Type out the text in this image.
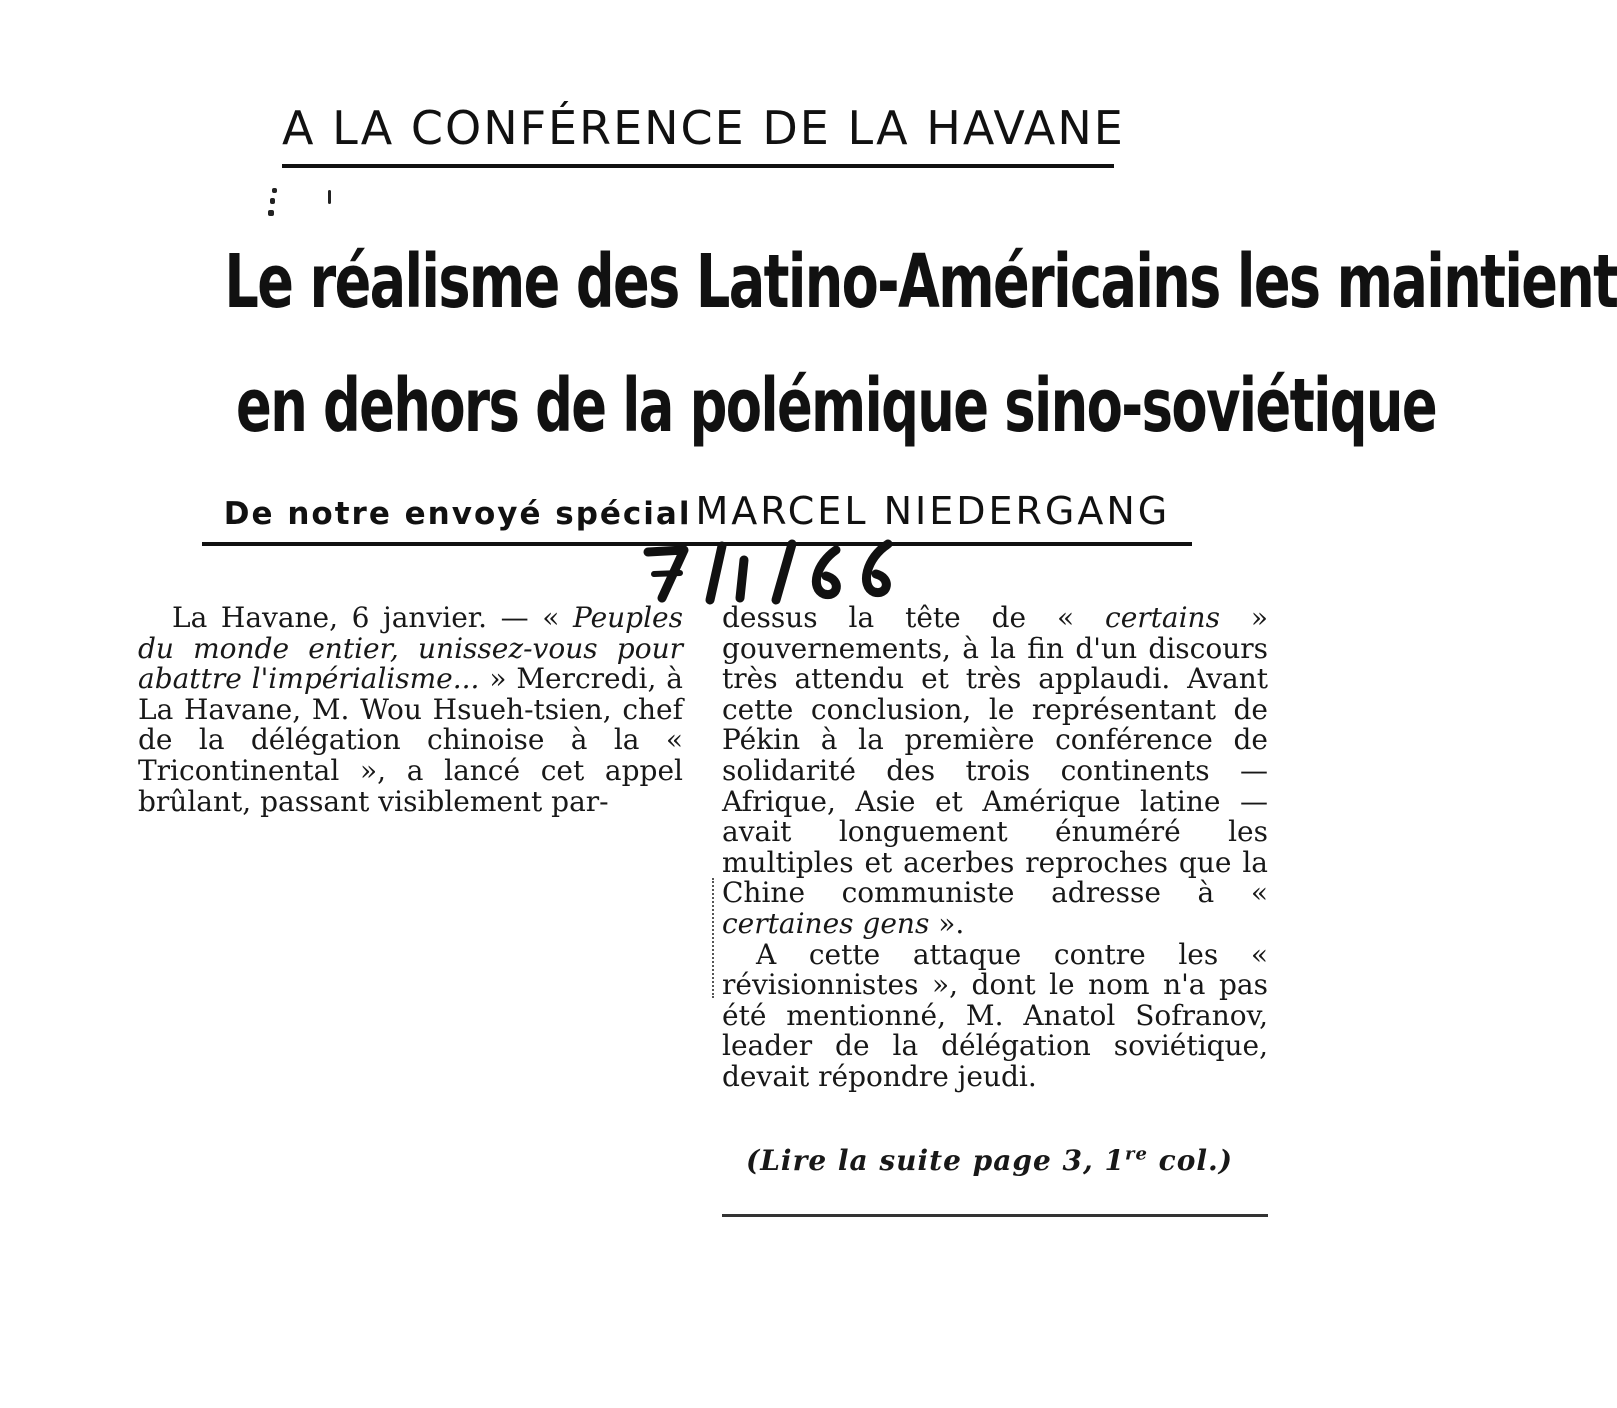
A LA CONFÉRENCE DE LA HAVANE
Le réalisme des Latino-Américains les maintient
en dehors de la polémique sino-soviétique
De notre envoyé spécial MARCEL NIEDERGANG

La Havane, 6 janvier. — « Peuples du monde entier, unissez-vous pour abattre l'impérialisme... » Mercredi, à La Havane, M. Wou Hsueh-tsien, chef de la délégation chinoise à la « Tricontinental », a lancé cet appel brûlant, passant visiblement par-

dessus la tête de « certains » gouvernements, à la fin d'un discours très attendu et très applaudi. Avant cette conclusion, le représentant de Pékin à la première conférence de solidarité des trois continents — Afrique, Asie et Amérique latine — avait longuement énuméré les multiples et acerbes reproches que la Chine communiste adresse à « certaines gens ».

A cette attaque contre les « révisionnistes », dont le nom n'a pas été mentionné, M. Anatol Sofranov, leader de la délégation soviétique, devait répondre jeudi.

(Lire la suite page 3, 1re col.)
